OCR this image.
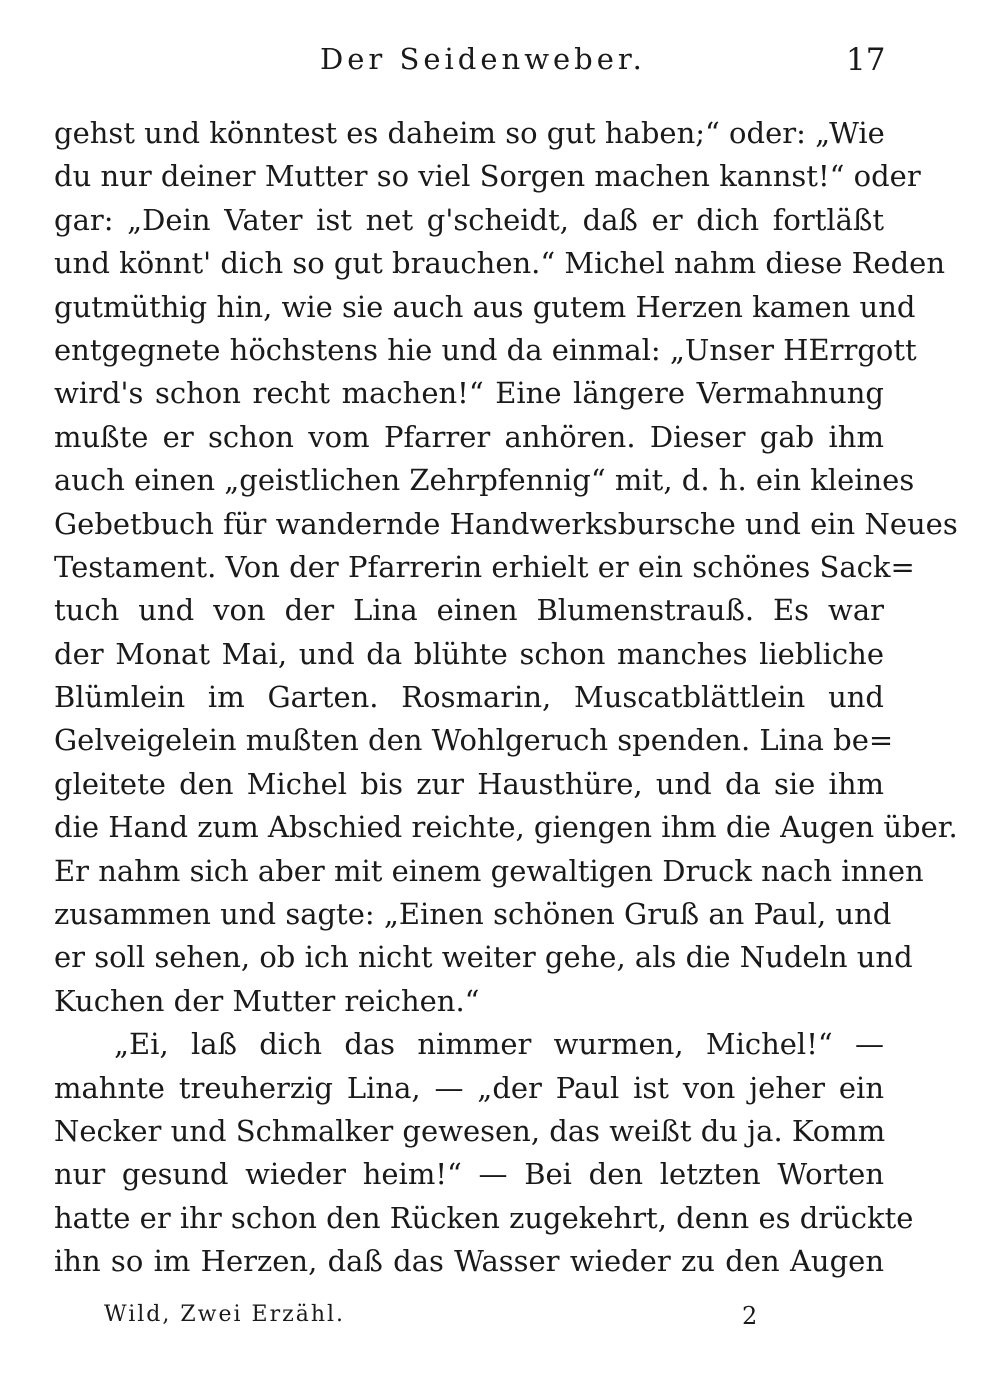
Der Seidenweber.	17
gehst und könntest es daheim so gut haben;“ oder: „Wie
du nur deiner Mutter so viel Sorgen machen kannst!“ oder
gar: „Dein Vater ist net g'scheidt, daß er dich fortläßt
und könnt' dich so gut brauchen.“ Michel nahm diese Reden
gutmüthig hin, wie sie auch aus gutem Herzen kamen und
entgegnete höchstens hie und da einmal: „Unser HErrgott
wird's schon recht machen!“ Eine längere Vermahnung
mußte er schon vom Pfarrer anhören. Dieser gab ihm
auch einen „geistlichen Zehrpfennig“ mit, d. h. ein kleines
Gebetbuch für wandernde Handwerksbursche und ein Neues
Testament. Von der Pfarrerin erhielt er ein schönes Sack=
tuch und von der Lina einen Blumenstrauß. Es war
der Monat Mai, und da blühte schon manches liebliche
Blümlein im Garten. Rosmarin, Muscatblättlein und
Gelveigelein mußten den Wohlgeruch spenden. Lina be=
gleitete den Michel bis zur Hausthüre, und da sie ihm
die Hand zum Abschied reichte, giengen ihm die Augen über.
Er nahm sich aber mit einem gewaltigen Druck nach innen
zusammen und sagte: „Einen schönen Gruß an Paul, und
er soll sehen, ob ich nicht weiter gehe, als die Nudeln und
Kuchen der Mutter reichen.“
„Ei, laß dich das nimmer wurmen, Michel!“ —
mahnte treuherzig Lina, — „der Paul ist von jeher ein
Necker und Schmalker gewesen, das weißt du ja. Komm
nur gesund wieder heim!“ — Bei den letzten Worten
hatte er ihr schon den Rücken zugekehrt, denn es drückte
ihn so im Herzen, daß das Wasser wieder zu den Augen
Wild, Zwei Erzähl.	2
